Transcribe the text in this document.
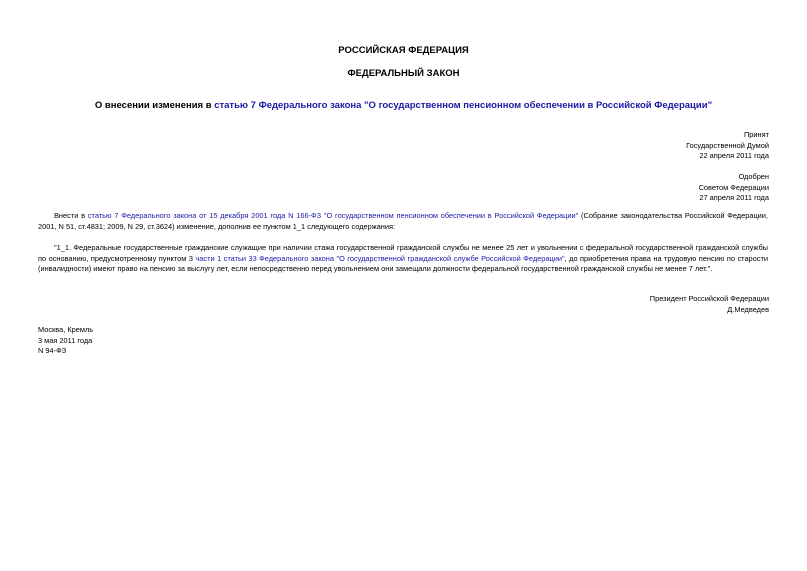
РОССИЙСКАЯ ФЕДЕРАЦИЯ
ФЕДЕРАЛЬНЫЙ ЗАКОН
О внесении изменения в статью 7 Федерального закона "О государственном пенсионном обеспечении в Российской Федерации"
Принят
Государственной Думой
22 апреля 2011 года
Одобрен
Советом Федерации
27 апреля 2011 года
Внести в статью 7 Федерального закона от 15 декабря 2001 года N 166-ФЗ "О государственном пенсионном обеспечении в Российской Федерации" (Собрание законодательства Российской Федерации, 2001, N 51, ст.4831; 2009, N 29, ст.3624) изменение, дополнив ее пунктом 1_1 следующего содержания:
"1_1. Федеральные государственные гражданские служащие при наличии стажа государственной гражданской службы не менее 25 лет и увольнении с федеральной государственной гражданской службы по основанию, предусмотренному пунктом 3 части 1 статьи 33 Федерального закона "О государственной гражданской службе Российской Федерации", до приобретения права на трудовую пенсию по старости (инвалидности) имеют право на пенсию за выслугу лет, если непосредственно перед увольнением они замещали должности федеральной государственной гражданской службы не менее 7 лет.".
Президент Российской Федерации
Д.Медведев
Москва, Кремль
3 мая 2011 года
N 94-ФЗ
